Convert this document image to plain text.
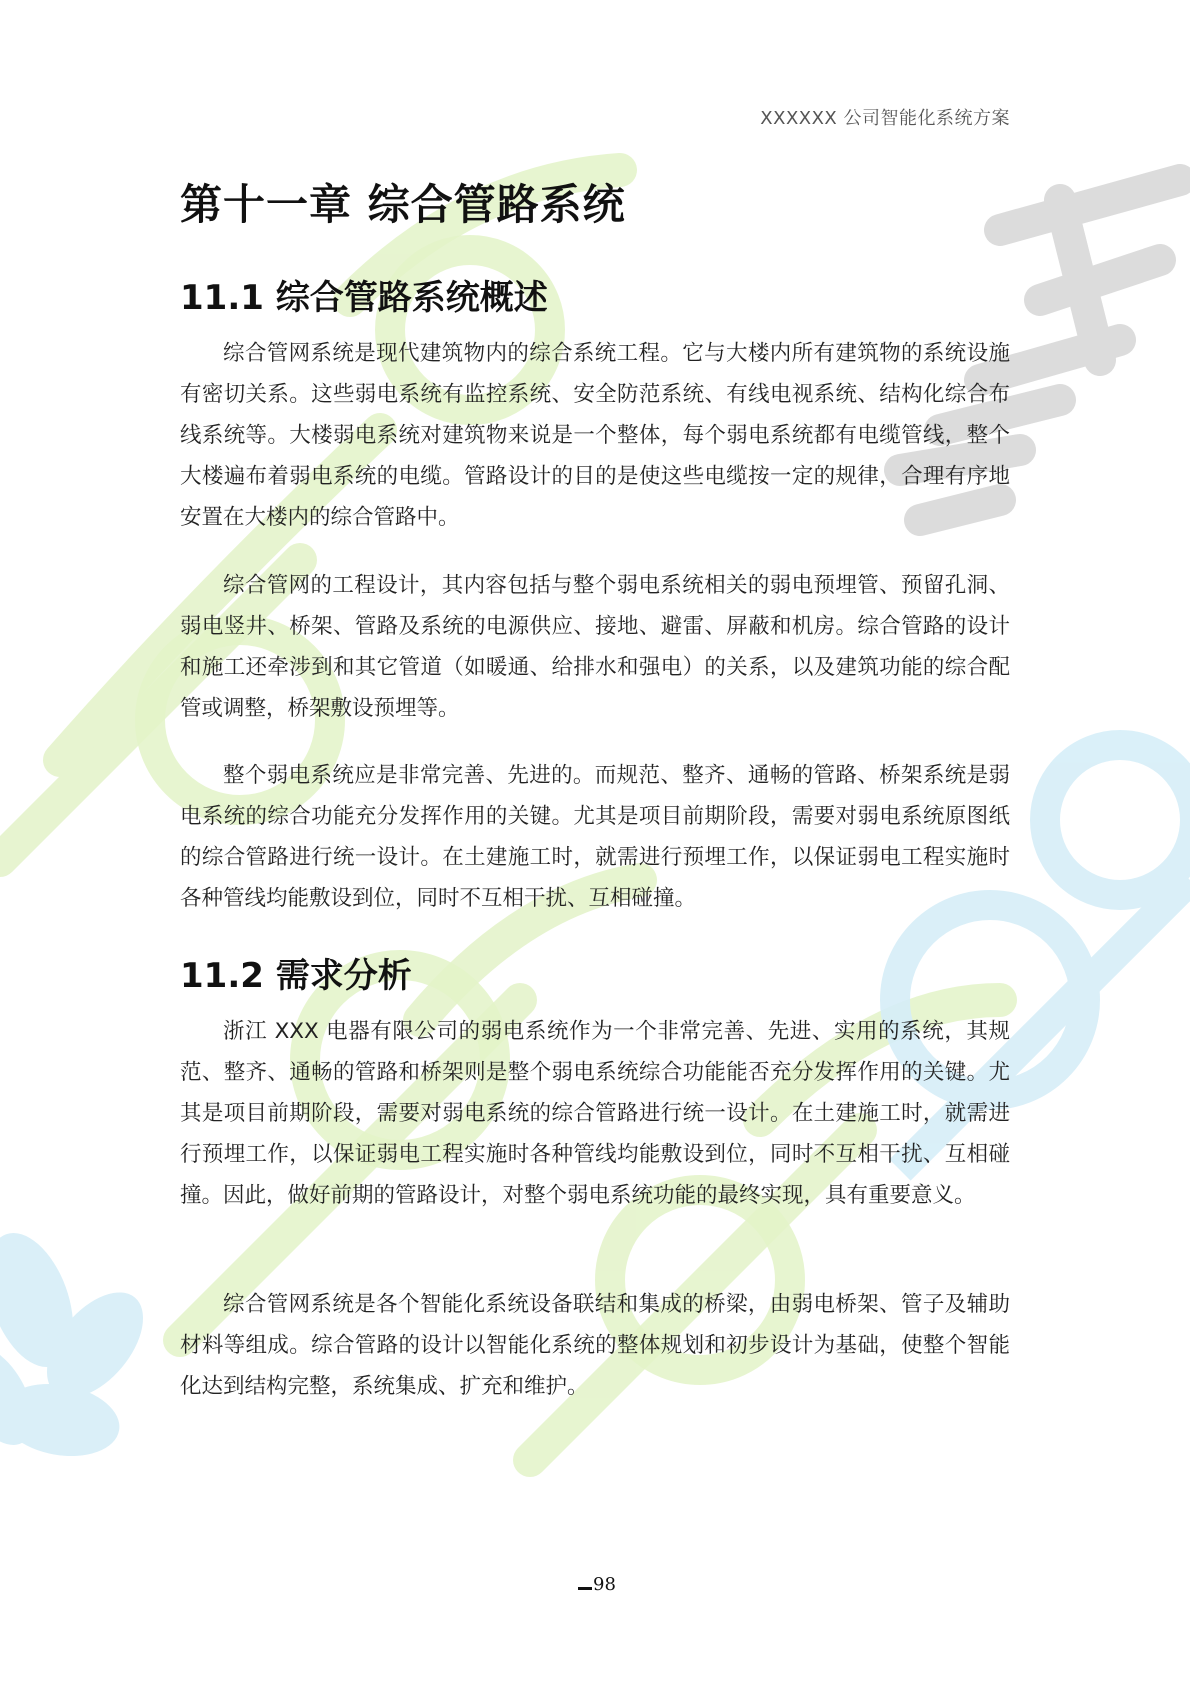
XXXXXX 公司智能化系统方案
第十一章 综合管路系统
11.1 综合管路系统概述

综合管网系统是现代建筑物内的综合系统工程。它与大楼内所有建筑物的系统设施有密切关系。这些弱电系统有监控系统、安全防范系统、有线电视系统、结构化综合布线系统等。大楼弱电系统对建筑物来说是一个整体，每个弱电系统都有电缆管线，整个大楼遍布着弱电系统的电缆。管路设计的目的是使这些电缆按一定的规律，合理有序地安置在大楼内的综合管路中。

综合管网的工程设计，其内容包括与整个弱电系统相关的弱电预埋管、预留孔洞、弱电竖井、桥架、管路及系统的电源供应、接地、避雷、屏蔽和机房。综合管路的设计和施工还牵涉到和其它管道（如暖通、给排水和强电）的关系，以及建筑功能的综合配管或调整，桥架敷设预埋等。

整个弱电系统应是非常完善、先进的。而规范、整齐、通畅的管路、桥架系统是弱电系统的综合功能充分发挥作用的关键。尤其是项目前期阶段，需要对弱电系统原图纸的综合管路进行统一设计。在土建施工时，就需进行预埋工作，以保证弱电工程实施时各种管线均能敷设到位，同时不互相干扰、互相碰撞。

11.2 需求分析

浙江 XXX 电器有限公司的弱电系统作为一个非常完善、先进、实用的系统，其规范、整齐、通畅的管路和桥架则是整个弱电系统综合功能能否充分发挥作用的关键。尤其是项目前期阶段，需要对弱电系统的综合管路进行统一设计。在土建施工时，就需进行预埋工作，以保证弱电工程实施时各种管线均能敷设到位，同时不互相干扰、互相碰撞。因此，做好前期的管路设计，对整个弱电系统功能的最终实现，具有重要意义。

综合管网系统是各个智能化系统设备联结和集成的桥梁，由弱电桥架、管子及辅助材料等组成。综合管路的设计以智能化系统的整体规划和初步设计为基础，使整个智能化达到结构完整，系统集成、扩充和维护。

98
